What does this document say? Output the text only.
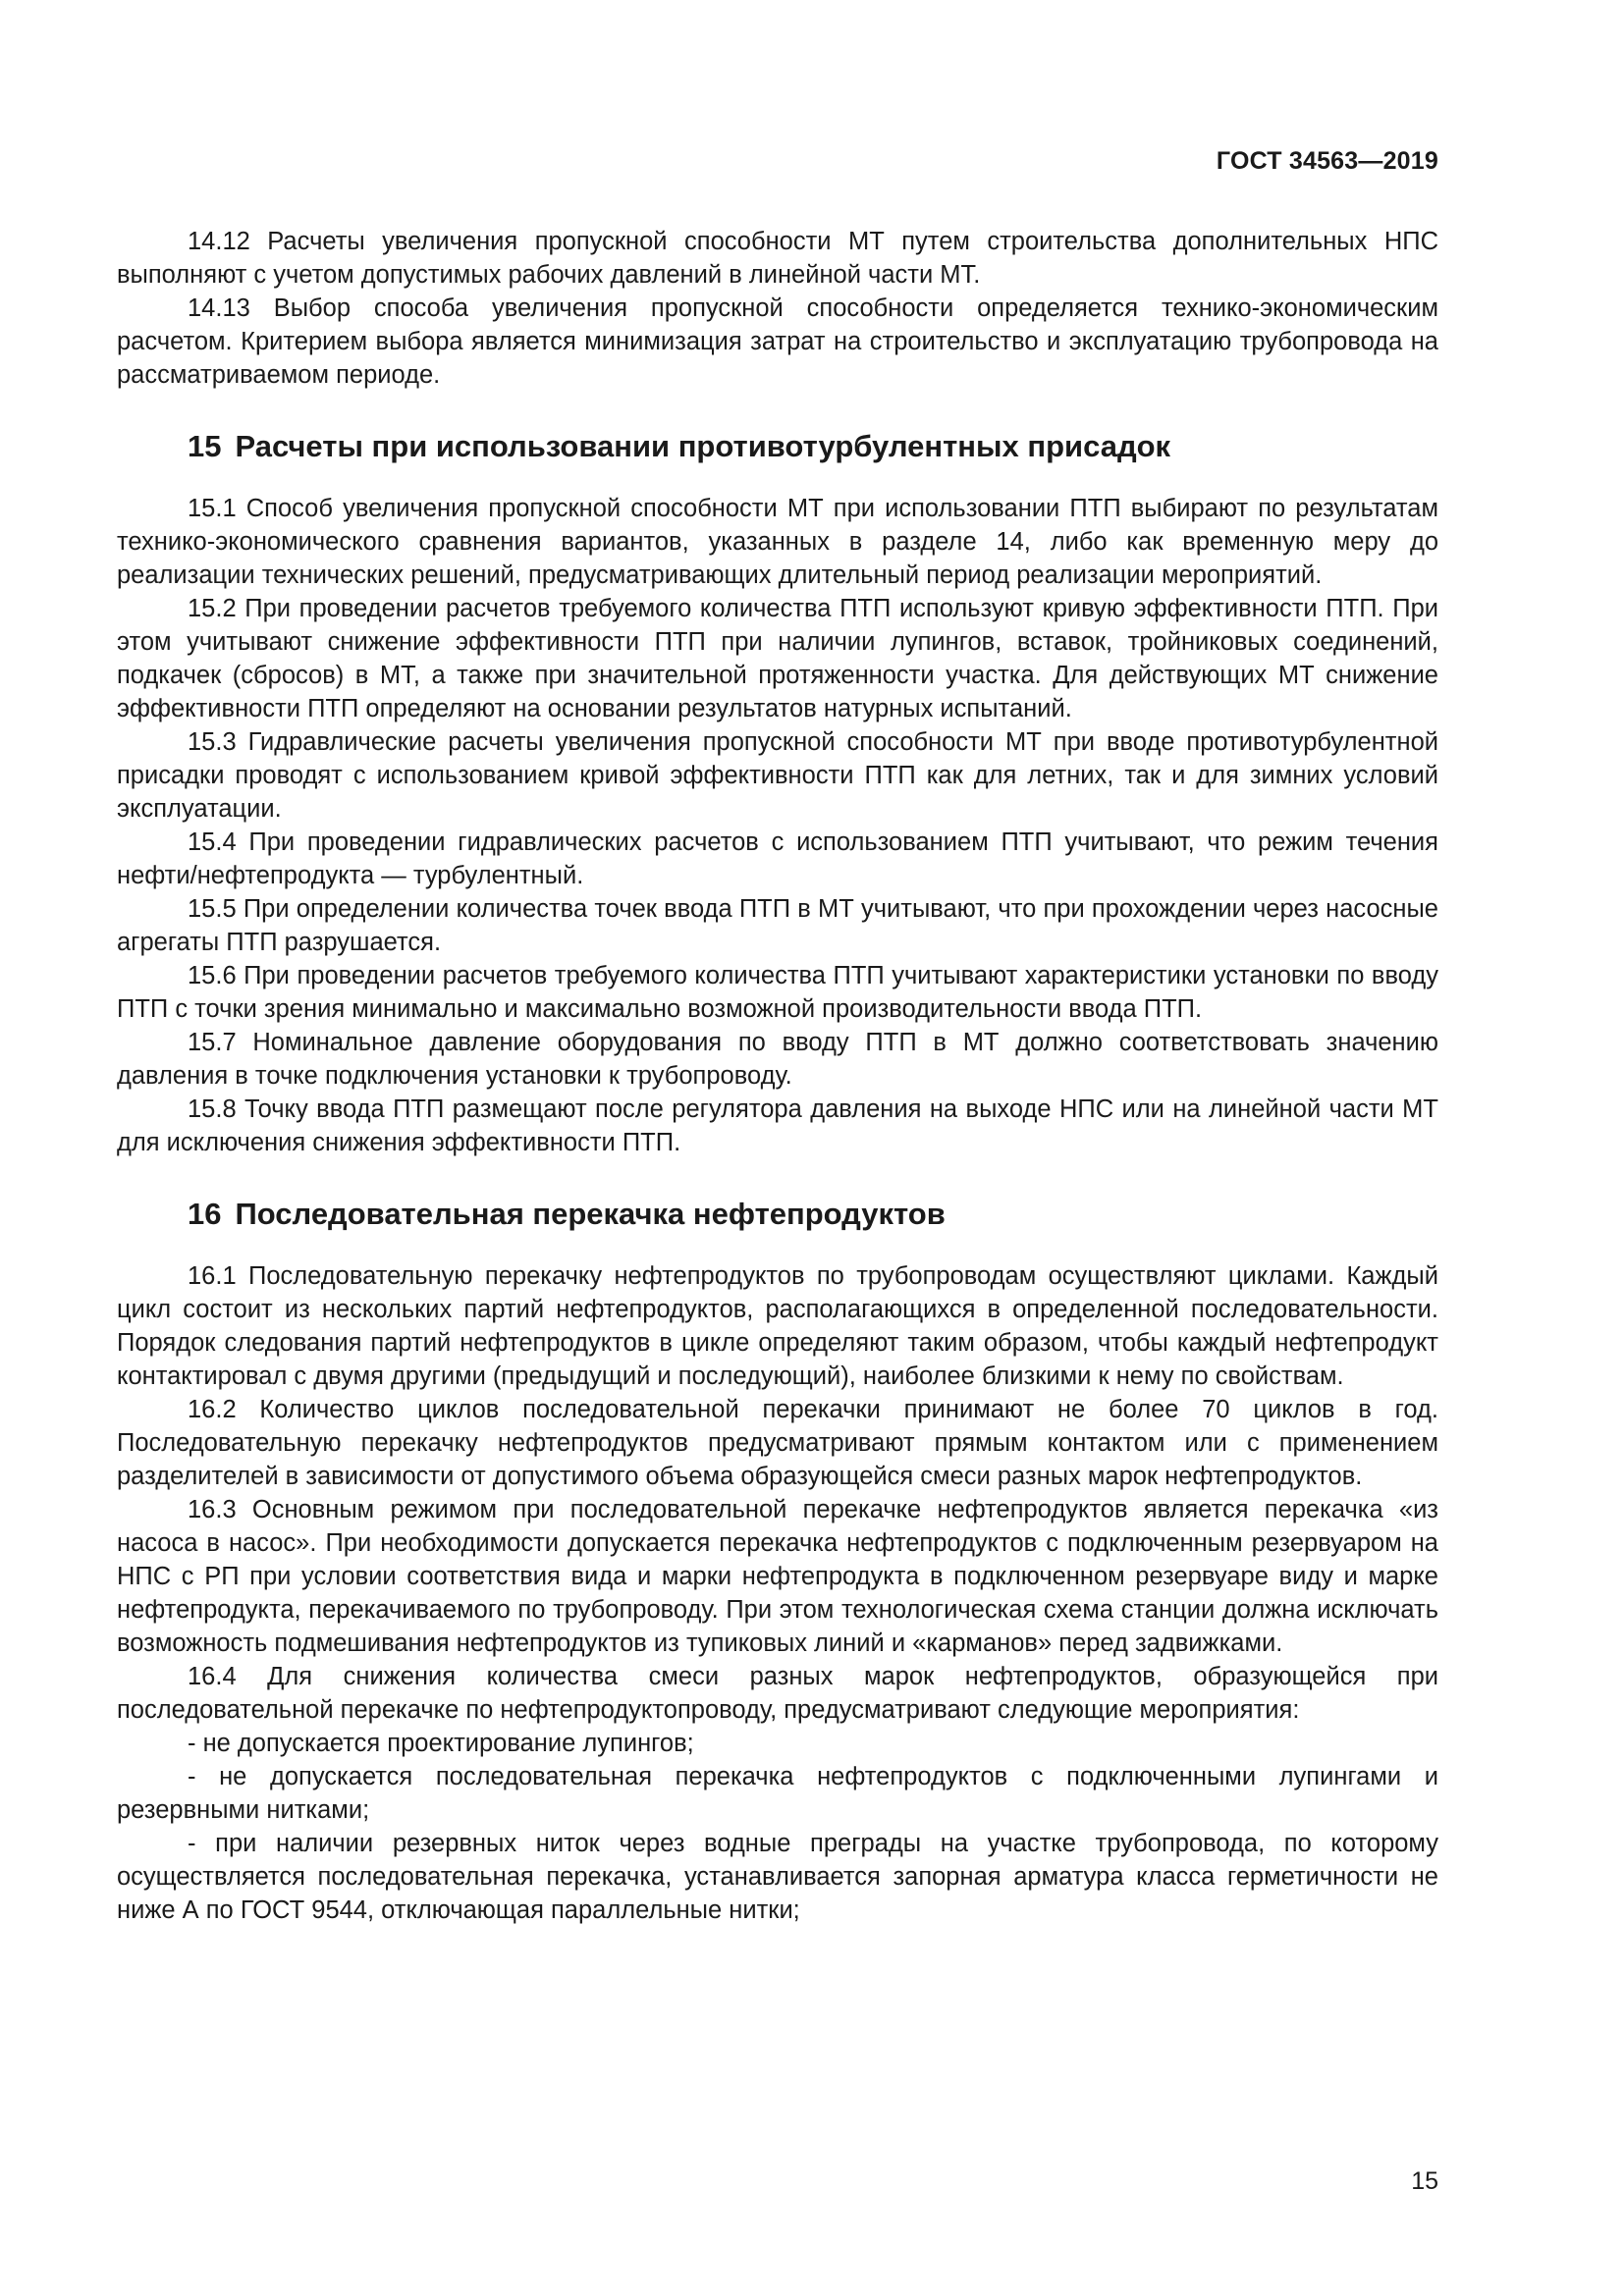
ГОСТ 34563—2019

14.12 Расчеты увеличения пропускной способности МТ путем строительства дополнительных НПС выполняют с учетом допустимых рабочих давлений в линейной части МТ.

14.13 Выбор способа увеличения пропускной способности определяется технико-экономическим расчетом. Критерием выбора является минимизация затрат на строительство и эксплуатацию трубопровода на рассматриваемом периоде.

15 Расчеты при использовании противотурбулентных присадок

15.1 Способ увеличения пропускной способности МТ при использовании ПТП выбирают по результатам технико-экономического сравнения вариантов, указанных в разделе 14, либо как временную меру до реализации технических решений, предусматривающих длительный период реализации мероприятий.

15.2 При проведении расчетов требуемого количества ПТП используют кривую эффективности ПТП. При этом учитывают снижение эффективности ПТП при наличии лупингов, вставок, тройниковых соединений, подкачек (сбросов) в МТ, а также при значительной протяженности участка. Для действующих МТ снижение эффективности ПТП определяют на основании результатов натурных испытаний.

15.3 Гидравлические расчеты увеличения пропускной способности МТ при вводе противотурбулентной присадки проводят с использованием кривой эффективности ПТП как для летних, так и для зимних условий эксплуатации.

15.4 При проведении гидравлических расчетов с использованием ПТП учитывают, что режим течения нефти/нефтепродукта — турбулентный.

15.5 При определении количества точек ввода ПТП в МТ учитывают, что при прохождении через насосные агрегаты ПТП разрушается.

15.6 При проведении расчетов требуемого количества ПТП учитывают характеристики установки по вводу ПТП с точки зрения минимально и максимально возможной производительности ввода ПТП.

15.7 Номинальное давление оборудования по вводу ПТП в МТ должно соответствовать значению давления в точке подключения установки к трубопроводу.

15.8 Точку ввода ПТП размещают после регулятора давления на выходе НПС или на линейной части МТ для исключения снижения эффективности ПТП.

16 Последовательная перекачка нефтепродуктов

16.1 Последовательную перекачку нефтепродуктов по трубопроводам осуществляют циклами. Каждый цикл состоит из нескольких партий нефтепродуктов, располагающихся в определенной последовательности. Порядок следования партий нефтепродуктов в цикле определяют таким образом, чтобы каждый нефтепродукт контактировал с двумя другими (предыдущий и последующий), наиболее близкими к нему по свойствам.

16.2 Количество циклов последовательной перекачки принимают не более 70 циклов в год. Последовательную перекачку нефтепродуктов предусматривают прямым контактом или с применением разделителей в зависимости от допустимого объема образующейся смеси разных марок нефтепродуктов.

16.3 Основным режимом при последовательной перекачке нефтепродуктов является перекачка «из насоса в насос». При необходимости допускается перекачка нефтепродуктов с подключенным резервуаром на НПС с РП при условии соответствия вида и марки нефтепродукта в подключенном резервуаре виду и марке нефтепродукта, перекачиваемого по трубопроводу. При этом технологическая схема станции должна исключать возможность подмешивания нефтепродуктов из тупиковых линий и «карманов» перед задвижками.

16.4 Для снижения количества смеси разных марок нефтепродуктов, образующейся при последовательной перекачке по нефтепродуктопроводу, предусматривают следующие мероприятия:

- не допускается проектирование лупингов;

- не допускается последовательная перекачка нефтепродуктов с подключенными лупингами и резервными нитками;

- при наличии резервных ниток через водные преграды на участке трубопровода, по которому осуществляется последовательная перекачка, устанавливается запорная арматура класса герметичности не ниже А по ГОСТ 9544, отключающая параллельные нитки;

15
